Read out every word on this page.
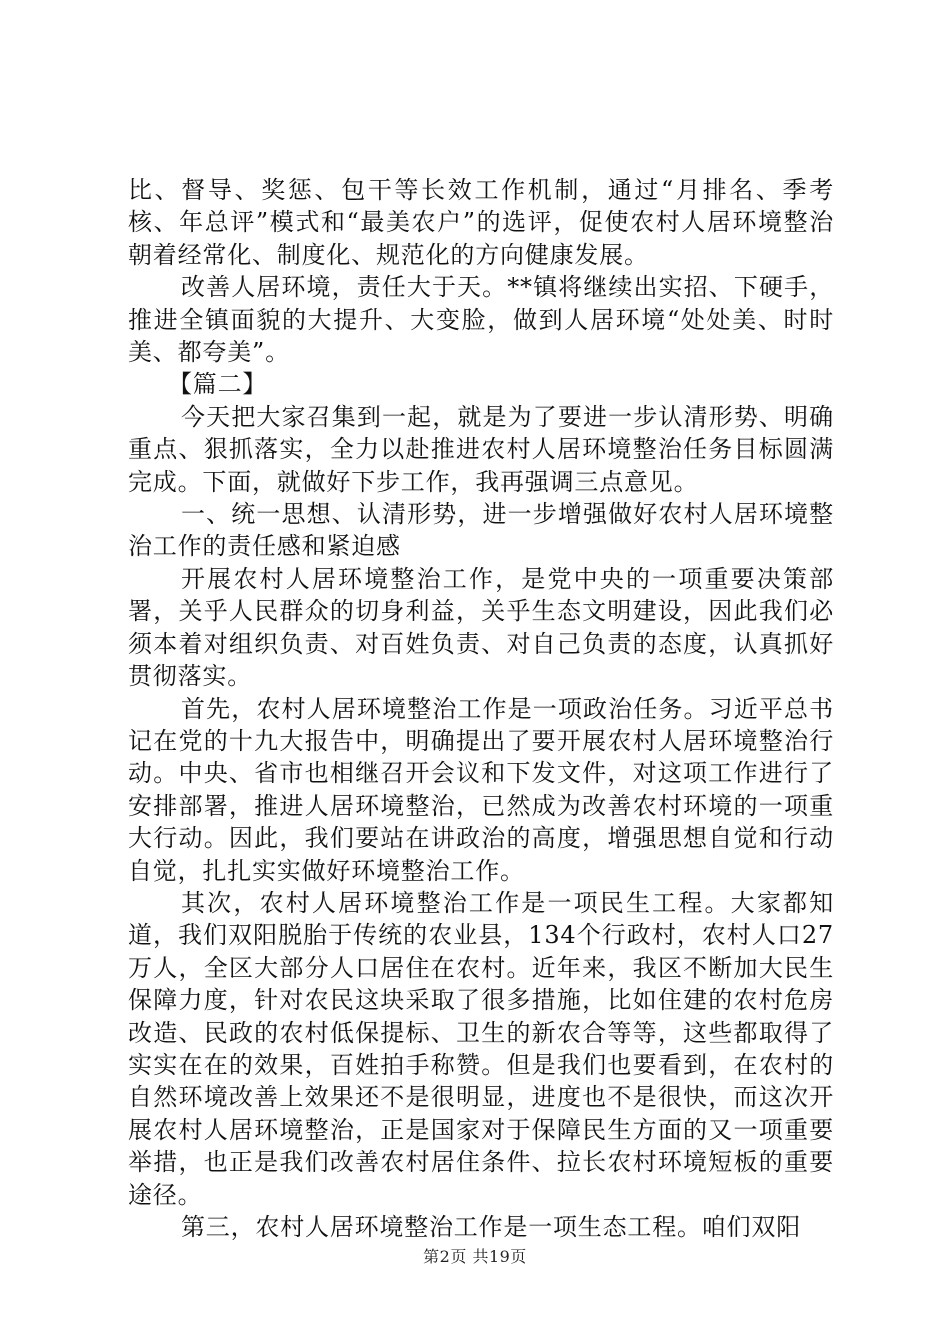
比、督导、奖惩、包干等长效工作机制，通过“月排名、季考核、年总评”模式和“最美农户”的选评，促使农村人居环境整治朝着经常化、制度化、规范化的方向健康发展。

改善人居环境，责任大于天。**镇将继续出实招、下硬手，推进全镇面貌的大提升、大变脸，做到人居环境“处处美、时时美、都夸美”。

【篇二】

今天把大家召集到一起，就是为了要进一步认清形势、明确重点、狠抓落实，全力以赴推进农村人居环境整治任务目标圆满完成。下面，就做好下步工作，我再强调三点意见。

一、统一思想、认清形势，进一步增强做好农村人居环境整治工作的责任感和紧迫感

开展农村人居环境整治工作，是党中央的一项重要决策部署，关乎人民群众的切身利益，关乎生态文明建设，因此我们必须本着对组织负责、对百姓负责、对自己负责的态度，认真抓好贯彻落实。

首先，农村人居环境整治工作是一项政治任务。习近平总书记在党的十九大报告中，明确提出了要开展农村人居环境整治行动。中央、省市也相继召开会议和下发文件，对这项工作进行了安排部署，推进人居环境整治，已然成为改善农村环境的一项重大行动。因此，我们要站在讲政治的高度，增强思想自觉和行动自觉，扎扎实实做好环境整治工作。

其次，农村人居环境整治工作是一项民生工程。大家都知道，我们双阳脱胎于传统的农业县，134个行政村，农村人口27万人，全区大部分人口居住在农村。近年来，我区不断加大民生保障力度，针对农民这块采取了很多措施，比如住建的农村危房改造、民政的农村低保提标、卫生的新农合等等，这些都取得了实实在在的效果，百姓拍手称赞。但是我们也要看到，在农村的自然环境改善上效果还不是很明显，进度也不是很快，而这次开展农村人居环境整治，正是国家对于保障民生方面的又一项重要举措，也正是我们改善农村居住条件、拉长农村环境短板的重要途径。

第三，农村人居环境整治工作是一项生态工程。咱们双阳

第2页 共19页
